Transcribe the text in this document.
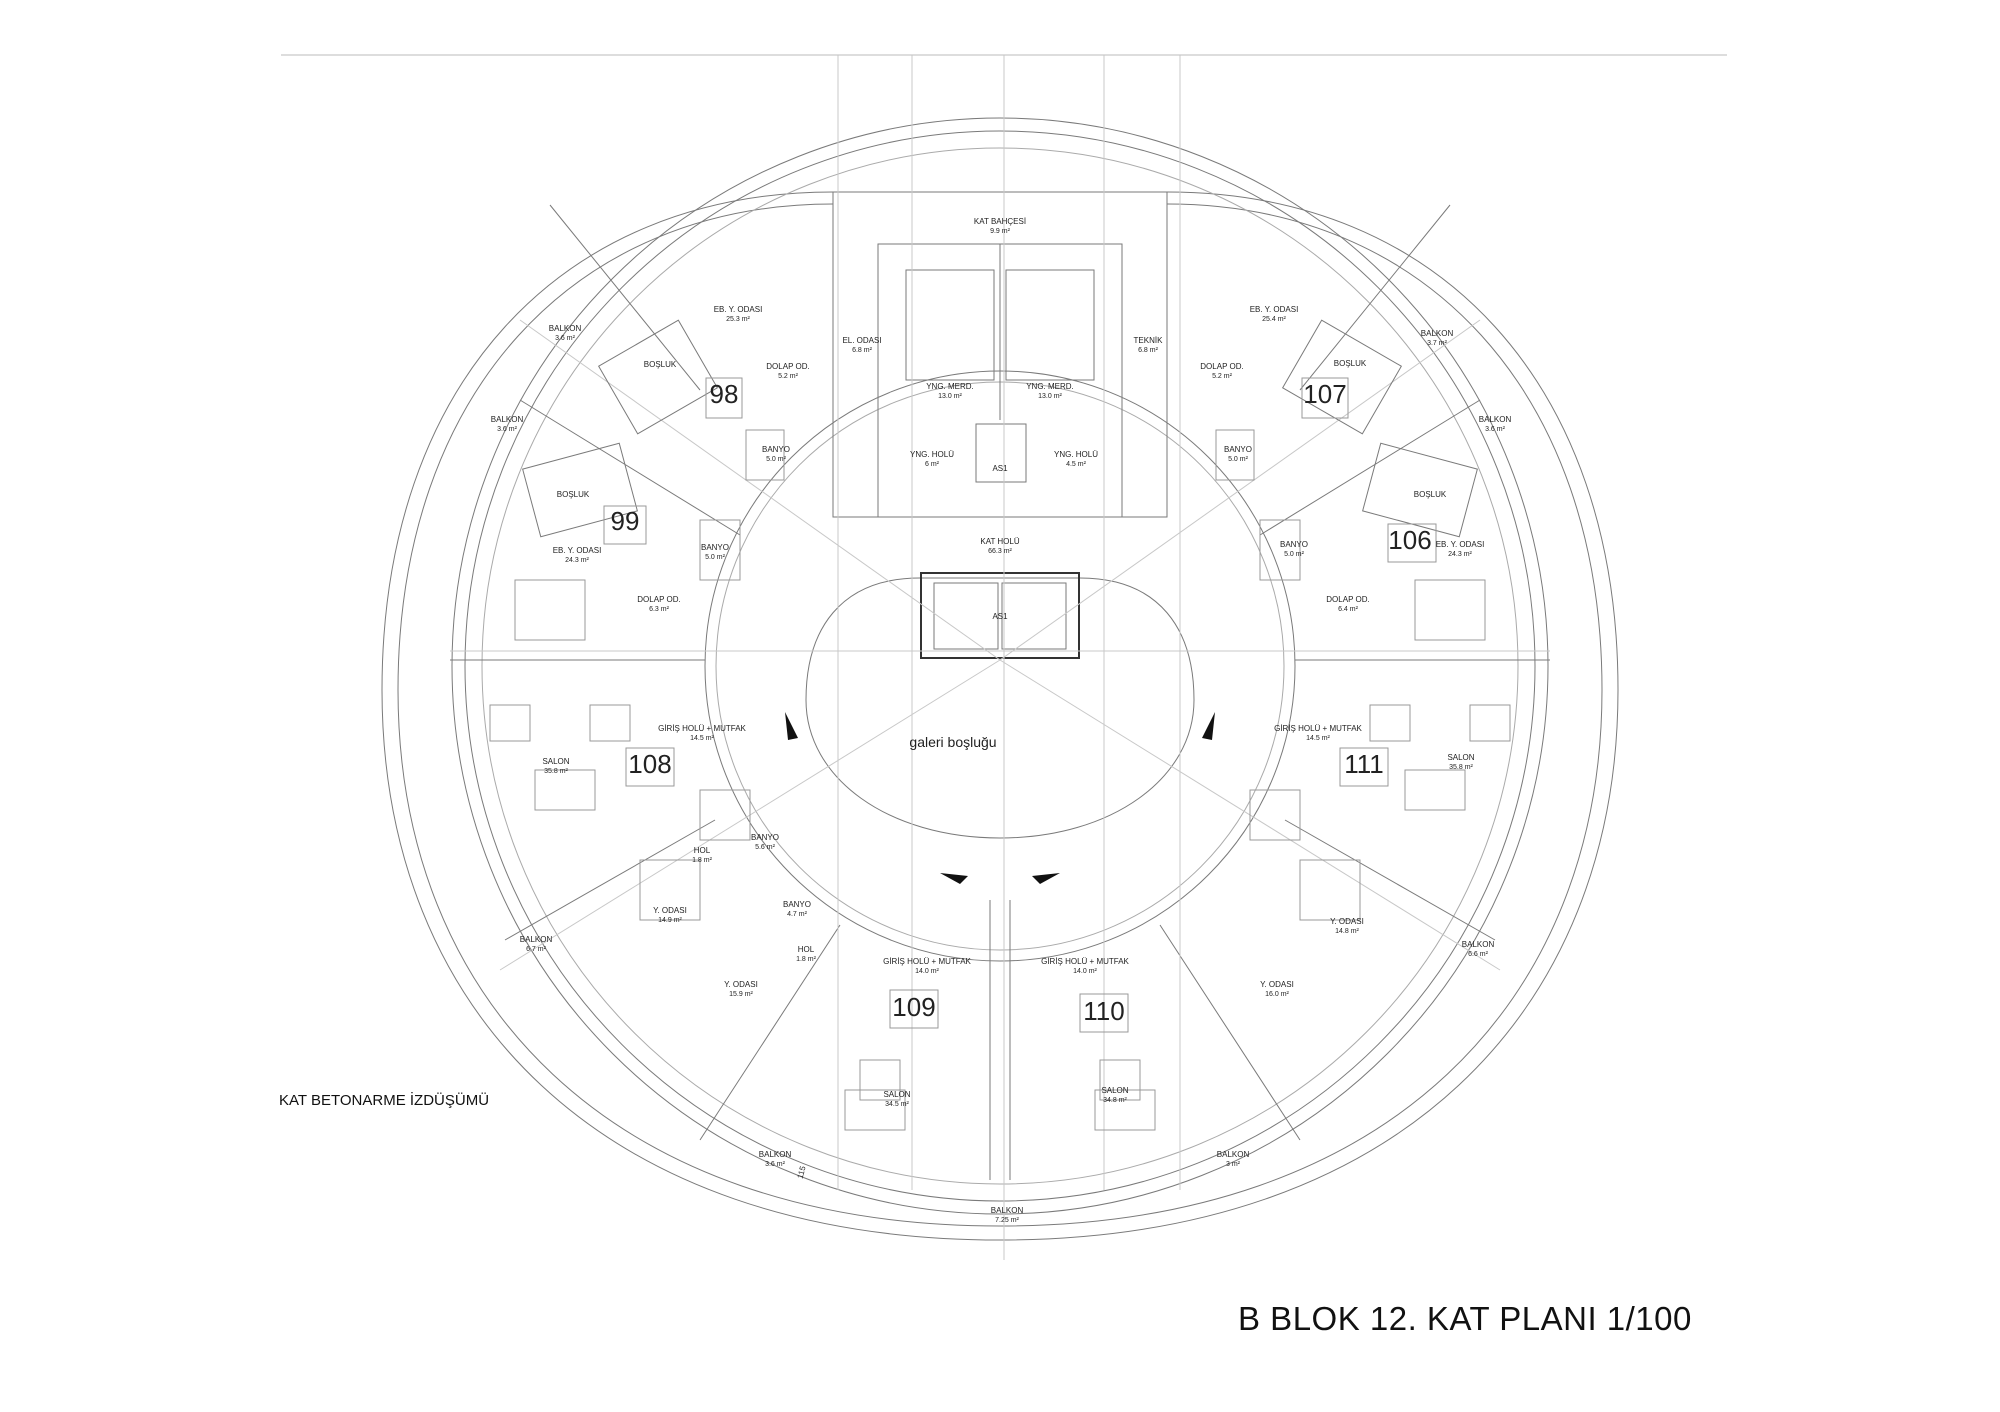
KAT BAHÇESİ
9.9 m²
EL. ODASI
6.8 m²
TEKNİK
6.8 m²
YNG. MERD.
13.0 m²
YNG. MERD.
13.0 m²
YNG. HOLÜ
6 m²
YNG. HOLÜ
4.5 m²
AS1
KAT HOLÜ
66.3 m²
AS1
galeri boşluğu
98
EB. Y. ODASI
25.3 m²
DOLAP OD.
5.2 m²
BANYO
5.0 m²
BOŞLUK
BALKON
3.6 m²
99
EB. Y. ODASI
24.3 m²
DOLAP OD.
6.3 m²
BANYO
5.0 m²
BOŞLUK
BALKON
3.6 m²
107
EB. Y. ODASI
25.4 m²
DOLAP OD.
5.2 m²
BANYO
5.0 m²
BOŞLUK
BALKON
3.7 m²
106 EB. Y. ODASI
24.3 m²
DOLAP OD.
6.4 m²
BANYO
5.0 m²
BOŞLUK
BALKON
3.6 m²
108
GİRİŞ HOLÜ + MUTFAK
14.5 m²
SALON
35.8 m²
BANYO
5.6 m²
HOL
1.8 m²
Y. ODASI
14.9 m²
BALKON
6.7 m²
111
GİRİŞ HOLÜ + MUTFAK
14.5 m²
SALON
35.8 m²
Y. ODASI
14.8 m²
BALKON
6.6 m²
109
GİRİŞ HOLÜ + MUTFAK
14.0 m²
SALON
34.5 m²
BANYO
4.7 m²
HOL
1.8 m²
Y. ODASI
15.9 m²
BALKON
3.6 m²
110
GİRİŞ HOLÜ + MUTFAK
14.0 m²
SALON
34.8 m²
Y. ODASI
16.0 m²
BALKON
3 m²
BALKON
7.25 m²
115
KAT BETONARME İZDÜŞÜMÜ
B BLOK 12. KAT PLANI 1/100
